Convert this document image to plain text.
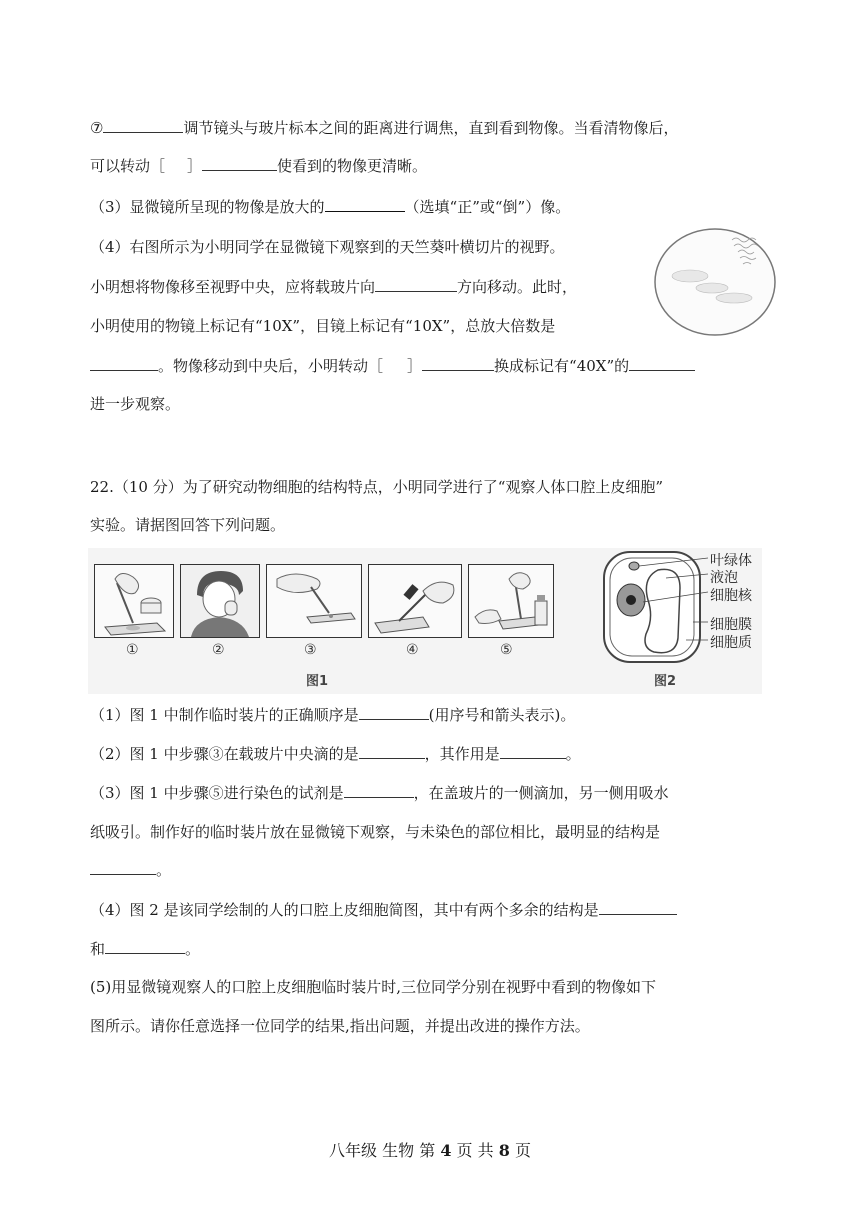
⑦	调节镜头与玻片标本之间的距离进行调焦，直到看到物像。当看清物像后，
可以转动［ ］	使看到的物像更清晰。
（3）显微镜所呈现的物像是放大的	（选填“正”或“倒”）像。
（4）右图所示为小明同学在显微镜下观察到的天竺葵叶横切片的视野。
小明想将物像移至视野中央，应将载玻片向	方向移动。此时，
小明使用的物镜上标记有“10X”，目镜上标记有“10X”，总放大倍数是
。物像移动到中央后，小明转动［ ］	换成标记有“40X”的
进一步观察。
22.（10 分）为了研究动物细胞的结构特点，小明同学进行了“观察人体口腔上皮细胞”
实验。请据图回答下列问题。
①	②	③	④	⑤
图1
叶绿体
液泡
细胞核
细胞膜
细胞质
图2
（1）图 1 中制作临时装片的正确顺序是	(用序号和箭头表示)。
（2）图 1 中步骤③在载玻片中央滴的是	，其作用是	。
（3）图 1 中步骤⑤进行染色的试剂是	，在盖玻片的一侧滴加，另一侧用吸水
纸吸引。制作好的临时装片放在显微镜下观察，与未染色的部位相比，最明显的结构是
。
（4）图 2 是该同学绘制的人的口腔上皮细胞简图，其中有两个多余的结构是
和	。
(5)用显微镜观察人的口腔上皮细胞临时装片时,三位同学分别在视野中看到的物像如下
图所示。请你任意选择一位同学的结果,指出问题，并提出改进的操作方法。
八年级 生物 第 4 页 共 8 页
